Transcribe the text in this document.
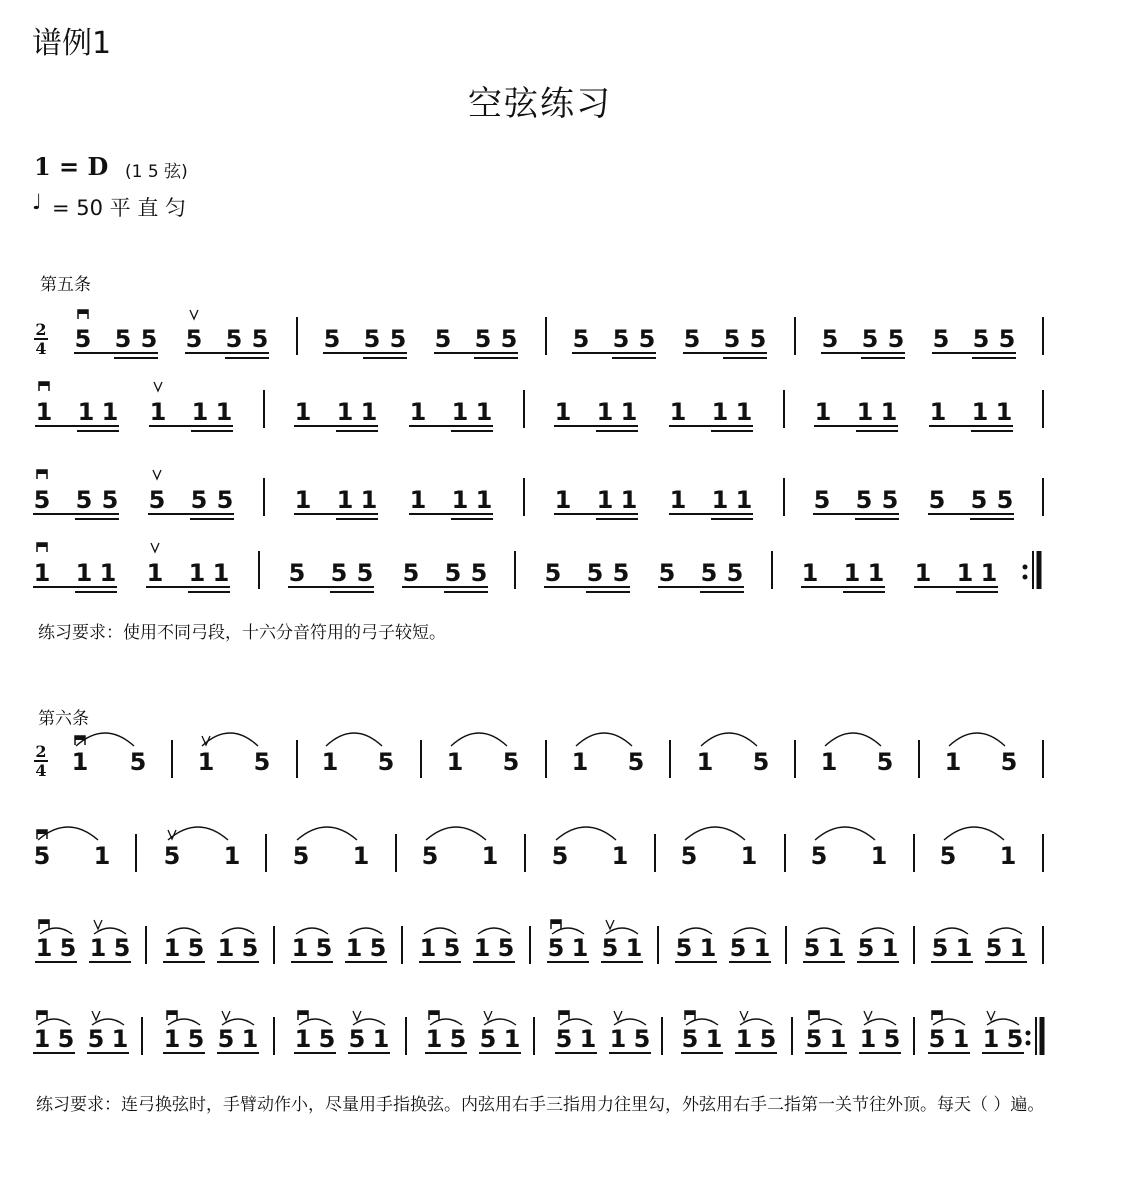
谱例1
空弦练习
1 = D (1 5 弦)
♩ = 50 平 直 匀
第五条
2
4
练习要求：使用不同弓段，十六分音符用的弓子较短。
第六条
2
4
练习要求：连弓换弦时，手臂动作小，尽量用手指换弦。内弦用右手三指用力往里勾，外弦用右手二指第一关节往外顶。每天（ ）遍。
5 5 5 5 5 5 5 5 5 5 5 5 5 5 5 5 5 5 5 5 5 5 5 5
1 1 1 1 1 1	1 1 1 1 1 1	1 1 1 1 1 1	1 1 1 1 1 1
5 5 5 5 5 5	1 1 1 1 1 1	1 1 1 1 1 1	5 5 5 5 5 5
1 1 1 1 1 1 5 5 5 5 5 5 5 5 5 5 5 5 1 1 1 1 1 1
1 5 1 5 1 5 1 5 1 5 1 5 1 5 1 5
5 1 5 1 5 1 5 1 5 1 5 1 5 1 5 1
1 5 1 5 1 5 1 5 1 5 1 5 1 5 1 5 5 1 5 1 5 1 5 1 5 1 5 1 5 1 5 1
1 5 5 1 1 5 5 1 1 5 5 1 1 5 5 1 5 1 1 5 5 1 1 5 5 1 1 5 5 1 1 5
